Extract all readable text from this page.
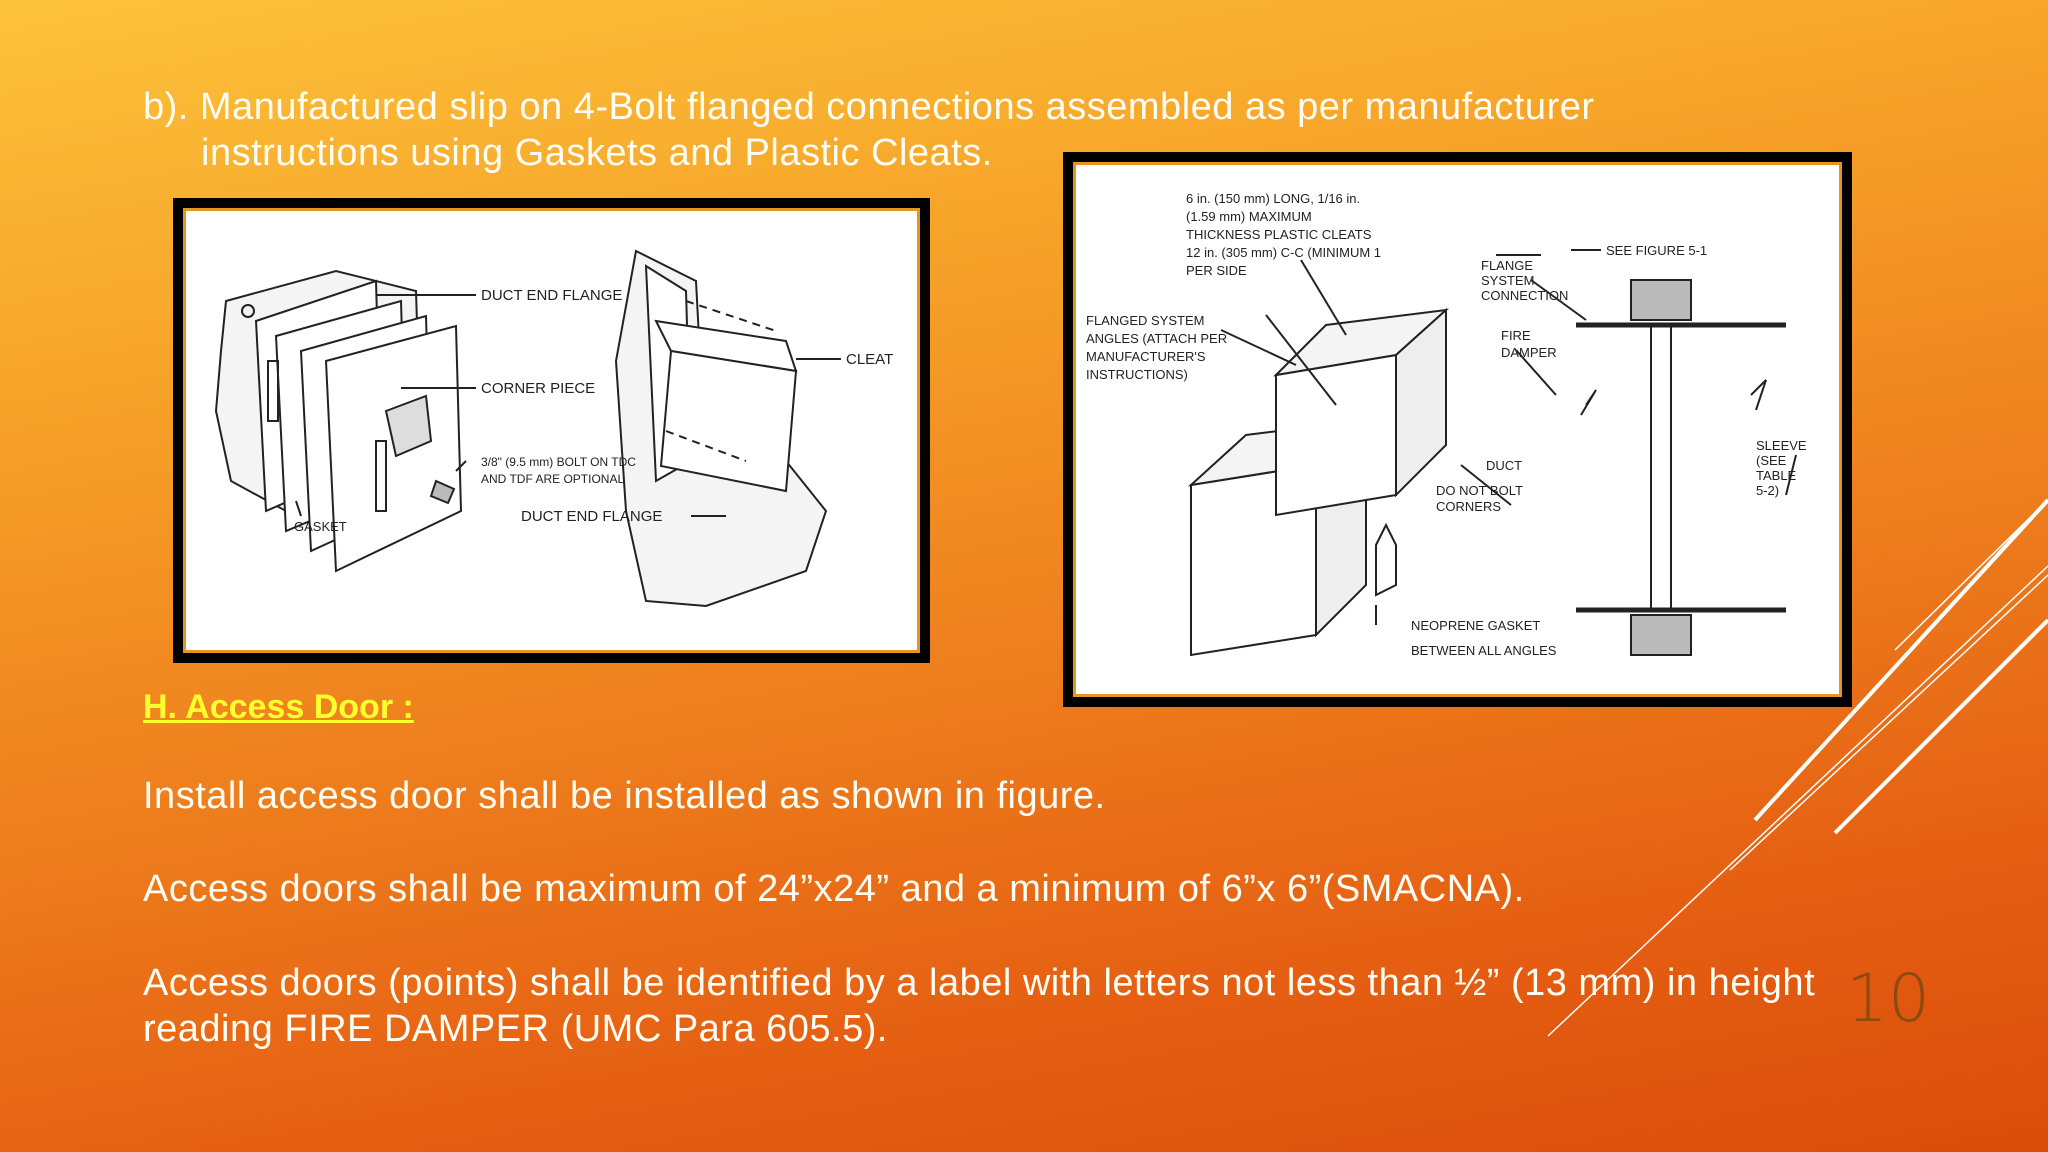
b). Manufactured slip on 4-Bolt flanged connections assembled as per manufacturer
instructions using Gaskets and Plastic Cleats.
DUCT END FLANGE
CLEAT
CORNER PIECE
3/8" (9.5 mm) BOLT ON TDC
AND TDF ARE OPTIONAL
GASKET
DUCT END FLANGE
6 in. (150 mm) LONG, 1/16 in.
(1.59 mm) MAXIMUM
THICKNESS PLASTIC CLEATS
12 in. (305 mm) C-C (MINIMUM 1
PER SIDE	FLANGE
SYSTEM
CONNECTION
SEE FIGURE 5-1
FLANGED SYSTEM
ANGLES (ATTACH PER
MANUFACTURER'S
INSTRUCTIONS)
FIRE
DAMPER
SLEEVE
(SEE
TABLE
5-2)
DUCT
DO NOT BOLT
CORNERS
NEOPRENE GASKET
BETWEEN ALL ANGLES
H. Access Door :
Install access door shall be installed as shown in figure.
Access doors shall be maximum of 24”x24” and a minimum of 6”x 6”(SMACNA).
Access doors (points) shall be identified by a label with letters not less than ½” (13 mm) in height reading FIRE DAMPER (UMC Para 605.5).	10
